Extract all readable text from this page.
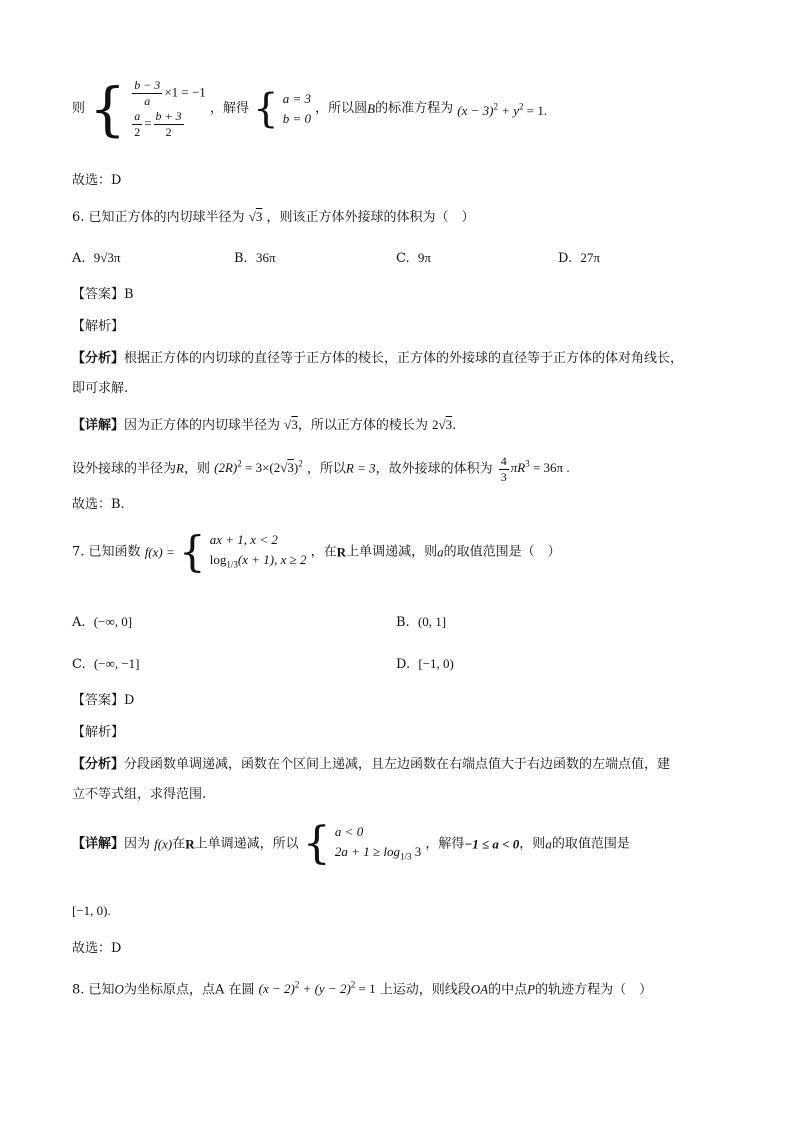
则 { $\frac{b - 3}{a} \times 1 = -1$
$\frac{a}{2} = \frac{b + 3}{2}$
，解得 { a = 3
b = 0
，所以圆B的标准方程为 $(x - 3)^2 + y^2 = 1$.
故选：D
6. 已知正方体的内切球半径为 √3 ，则该正方体外接球的体积为（　）
A. 9√3π	B. 36π	C. 9π	D. 27π
【答案】B
【解析】
【分析】根据正方体的内切球的直径等于正方体的棱长，正方体的外接球的直径等于正方体的体对角线长，
即可求解.
【详解】因为正方体的内切球半径为 √3，所以正方体的棱长为 2√3.
设外接球的半径为R，则 $(2R)^2 = 3\times(2√3)^2$ ，所以R = 3，故外接球的体积为 $\frac{4}{3} \pi R^3 = 36\pi$ .
故选：B.
7. 已知函数 f(x) = { ax + 1, x < 2
$\log_{1/3}(x + 1)$, x ≥ 2
，在R上单调递减，则a的取值范围是（　）
A. (−∞, 0]	B. (0, 1]
C. (−∞, −1]	D. [−1, 0)
【答案】D
【解析】
【分析】分段函数单调递减，函数在个区间上递减，且左边函数在右端点值大于右边函数的左端点值，建
立不等式组，求得范围.
【详解】因为 f(x)在R上单调递减，所以 { a < 0
$2a + 1 \ge \log_{1/3} 3$
，解得−1 ≤ a < 0，则a的取值范围是
[−1, 0).
故选：D
8. 已知O为坐标原点，点A 在圆 $(x - 2)^2 + (y - 2)^2 = 1$ 上运动，则线段OA的中点P的轨迹方程为（　）
